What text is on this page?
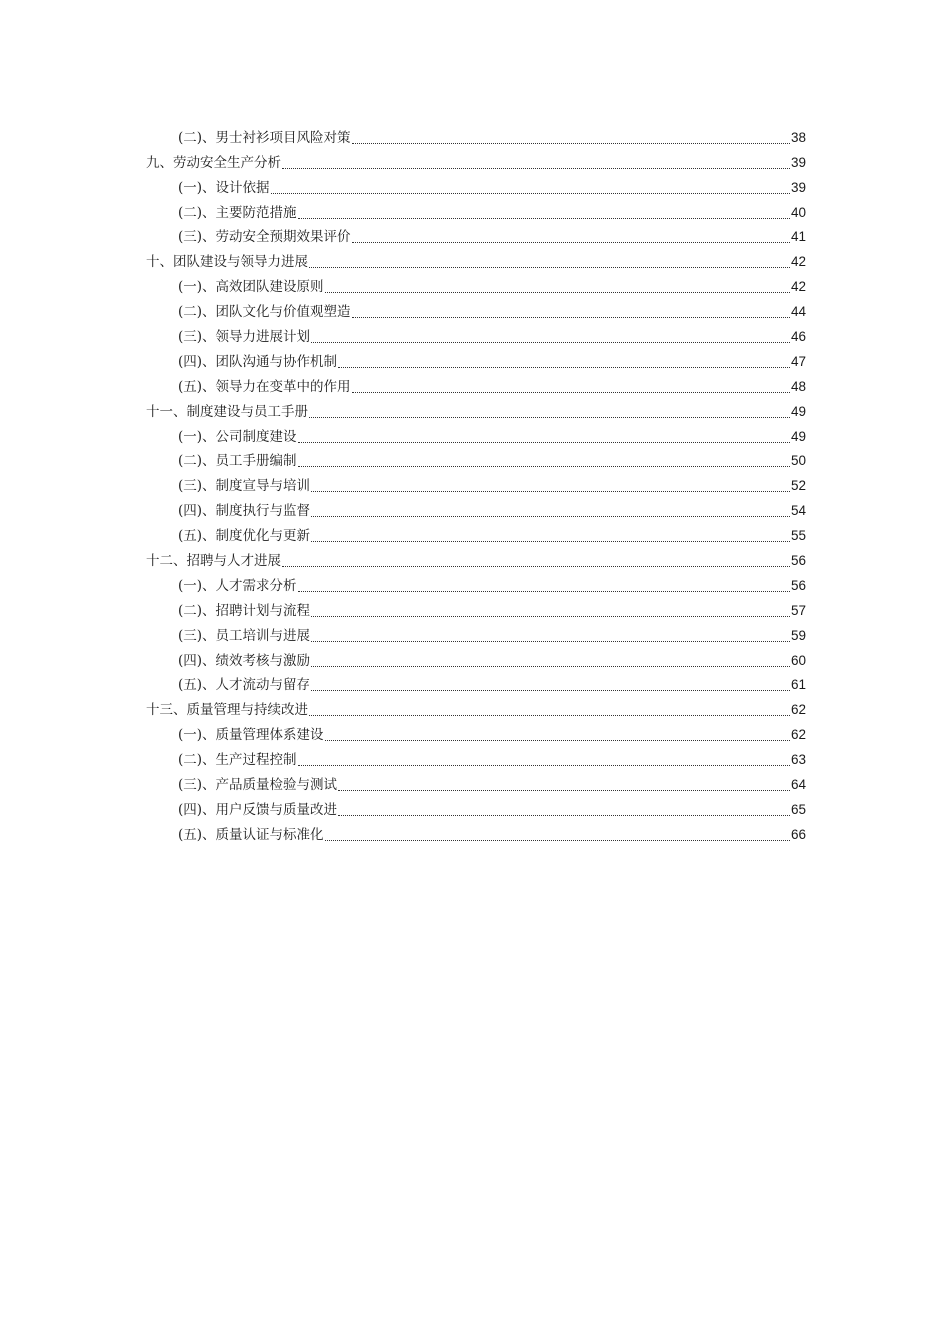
(二)、男士衬衫项目风险对策	38
九、劳动安全生产分析	39
(一)、设计依据	39
(二)、主要防范措施	40
(三)、劳动安全预期效果评价	41
十、团队建设与领导力进展	42
(一)、高效团队建设原则	42
(二)、团队文化与价值观塑造	44
(三)、领导力进展计划	46
(四)、团队沟通与协作机制	47
(五)、领导力在变革中的作用	48
十一、制度建设与员工手册	49
(一)、公司制度建设	49
(二)、员工手册编制	50
(三)、制度宣导与培训	52
(四)、制度执行与监督	54
(五)、制度优化与更新	55
十二、招聘与人才进展	56
(一)、人才需求分析	56
(二)、招聘计划与流程	57
(三)、员工培训与进展	59
(四)、绩效考核与激励	60
(五)、人才流动与留存	61
十三、质量管理与持续改进	62
(一)、质量管理体系建设	62
(二)、生产过程控制	63
(三)、产品质量检验与测试	64
(四)、用户反馈与质量改进	65
(五)、质量认证与标准化	66
